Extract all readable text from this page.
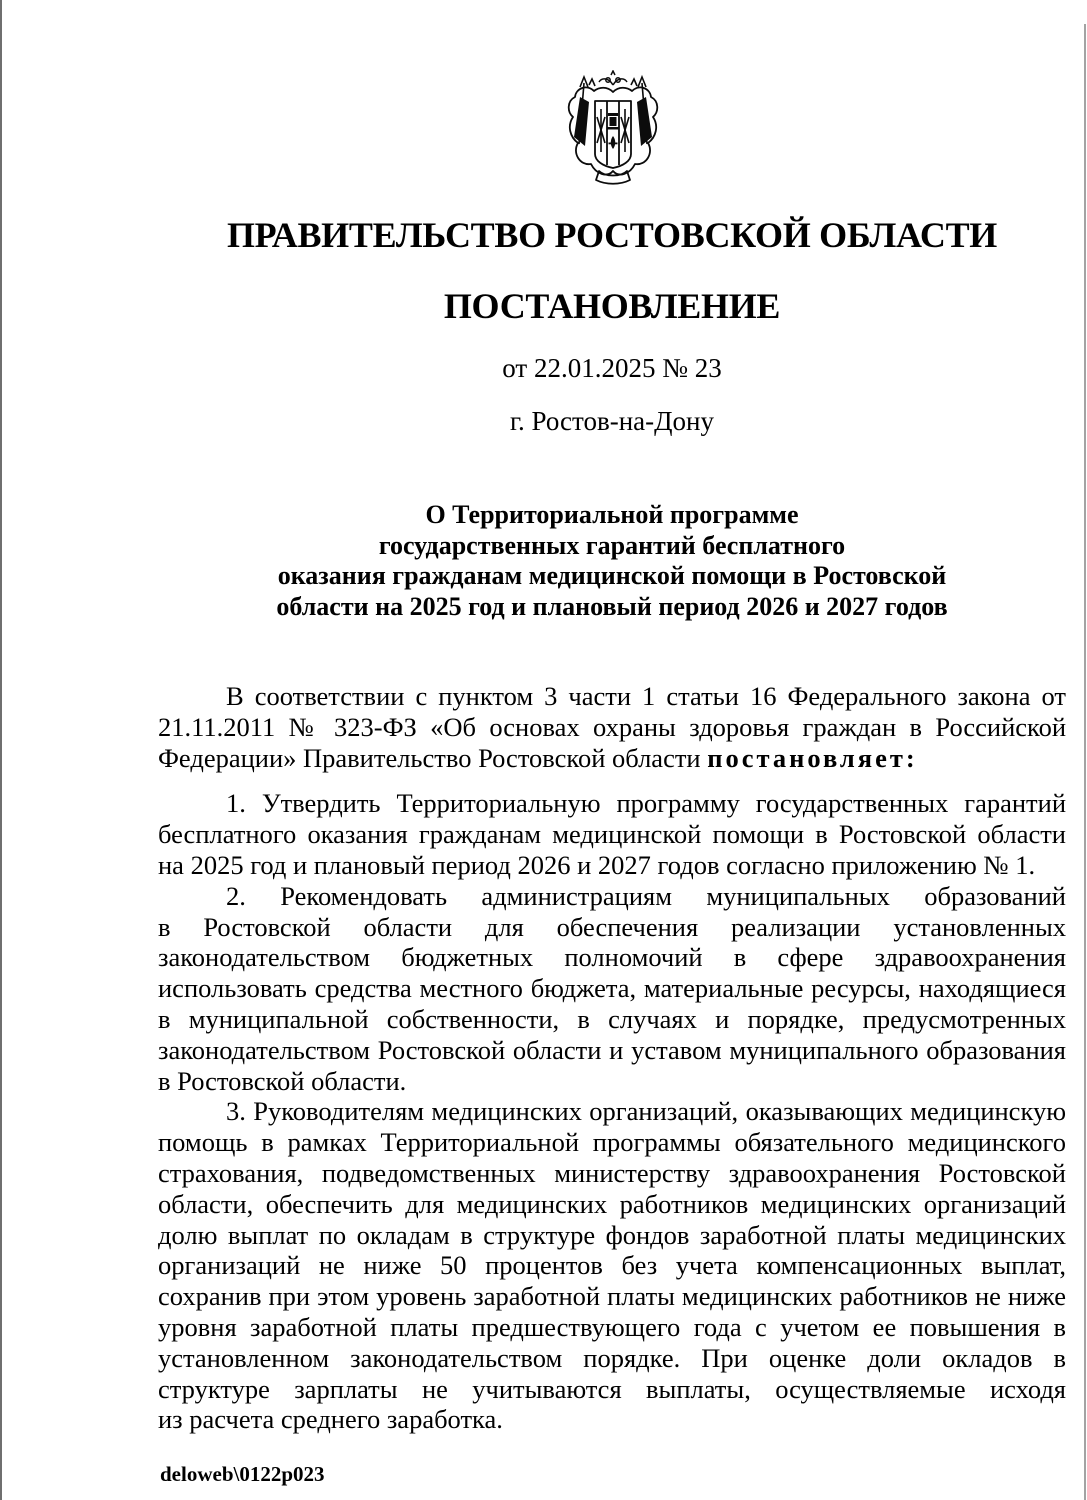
ПРАВИТЕЛЬСТВО РОСТОВСКОЙ ОБЛАСТИ
ПОСТАНОВЛЕНИЕ
от 22.01.2025 № 23
г. Ростов-на-Дону
О Территориальной программе
государственных гарантий бесплатного
оказания гражданам медицинской помощи в Ростовской
области на 2025 год и плановый период 2026 и 2027 годов

В соответствии с пунктом 3 части 1 статьи 16 Федерального закона от 21.11.2011 № 323-ФЗ «Об основах охраны здоровья граждан в Российской Федерации» Правительство Ростовской области постановляет:

1. Утвердить Территориальную программу государственных гарантий бесплатного оказания гражданам медицинской помощи в Ростовской области на 2025 год и плановый период 2026 и 2027 годов согласно приложению № 1.

2. Рекомендовать администрациям муниципальных образований в Ростовской области для обеспечения реализации установленных законодательством бюджетных полномочий в сфере здравоохранения использовать средства местного бюджета, материальные ресурсы, находящиеся в муниципальной собственности, в случаях и порядке, предусмотренных законодательством Ростовской области и уставом муниципального образования в Ростовской области.

3. Руководителям медицинских организаций, оказывающих медицинскую помощь в рамках Территориальной программы обязательного медицинского страхования, подведомственных министерству здравоохранения Ростовской области, обеспечить для медицинских работников медицинских организаций долю выплат по окладам в структуре фондов заработной платы медицинских организаций не ниже 50 процентов без учета компенсационных выплат, сохранив при этом уровень заработной платы медицинских работников не ниже уровня заработной платы предшествующего года с учетом ее повышения в установленном законодательством порядке. При оценке доли окладов в структуре зарплаты не учитываются выплаты, осуществляемые исходя из расчета среднего заработка.

deloweb\0122p023
